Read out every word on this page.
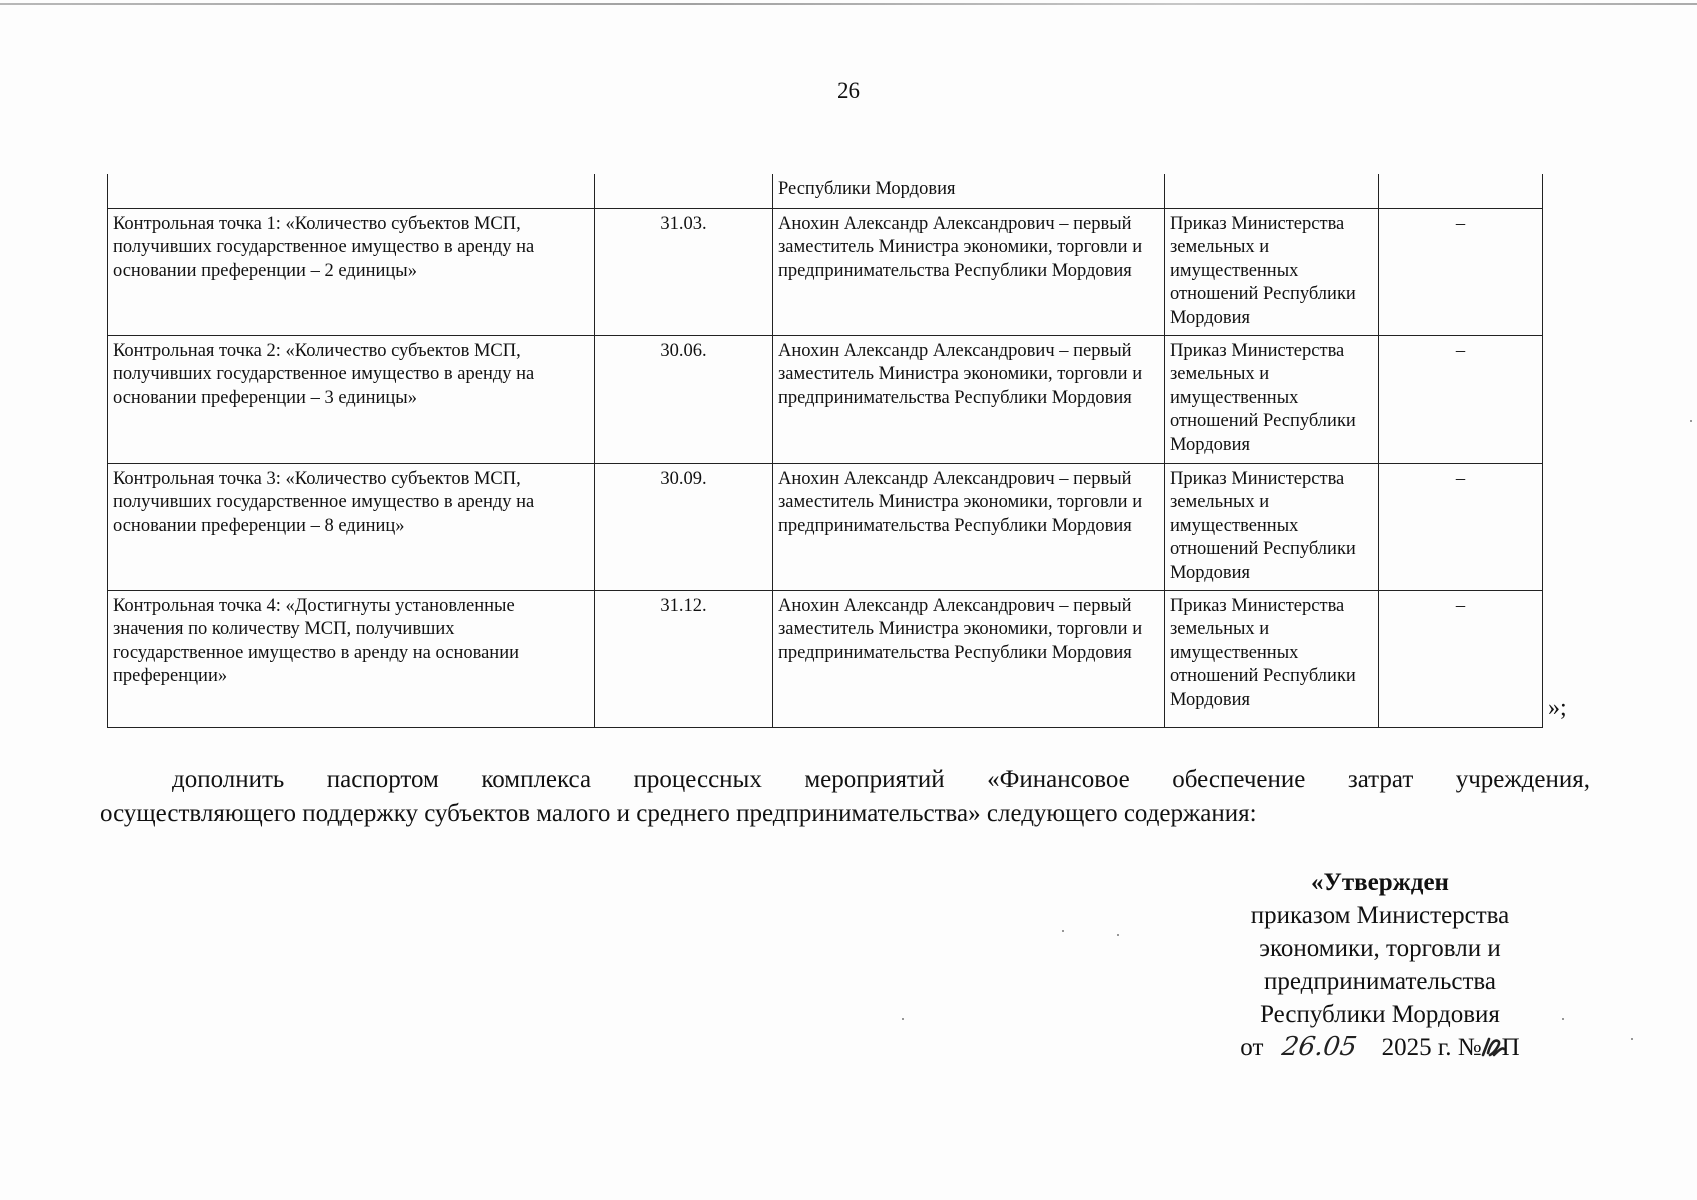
26
		Республики Мордовия		
Контрольная точка 1: «Количество субъектов МСП, получивших государственное имущество в аренду на основании преференции – 2 единицы»	31.03.	Анохин Александр Александрович – первый заместитель Министра экономики, торговли и предпринимательства Республики Мордовия	Приказ Министерства земельных и имущественных отношений Республики Мордовия	–
Контрольная точка 2: «Количество субъектов МСП, получивших государственное имущество в аренду на основании преференции – 3 единицы»	30.06.	Анохин Александр Александрович – первый заместитель Министра экономики, торговли и предпринимательства Республики Мордовия	Приказ Министерства земельных и имущественных отношений Республики Мордовия	–
Контрольная точка 3: «Количество субъектов МСП, получивших государственное имущество в аренду на основании преференции – 8 единиц»	30.09.	Анохин Александр Александрович – первый заместитель Министра экономики, торговли и предпринимательства Республики Мордовия	Приказ Министерства земельных и имущественных отношений Республики Мордовия	–
Контрольная точка 4: «Достигнуты установленные значения по количеству МСП, получивших государственное имущество в аренду на основании преференции»	31.12.	Анохин Александр Александрович – первый заместитель Министра экономики, торговли и предпринимательства Республики Мордовия	Приказ Министерства земельных и имущественных отношений Республики Мордовия	–
»;
дополнить паспортом комплекса процессных мероприятий «Финансовое обеспечение затрат учреждения,
осуществляющего поддержку субъектов малого и среднего предпринимательства» следующего содержания:
«Утвержден
приказом Министерства
экономики, торговли и
предпринимательства
Республики Мордовия
от 26.05 2025 г. № П
